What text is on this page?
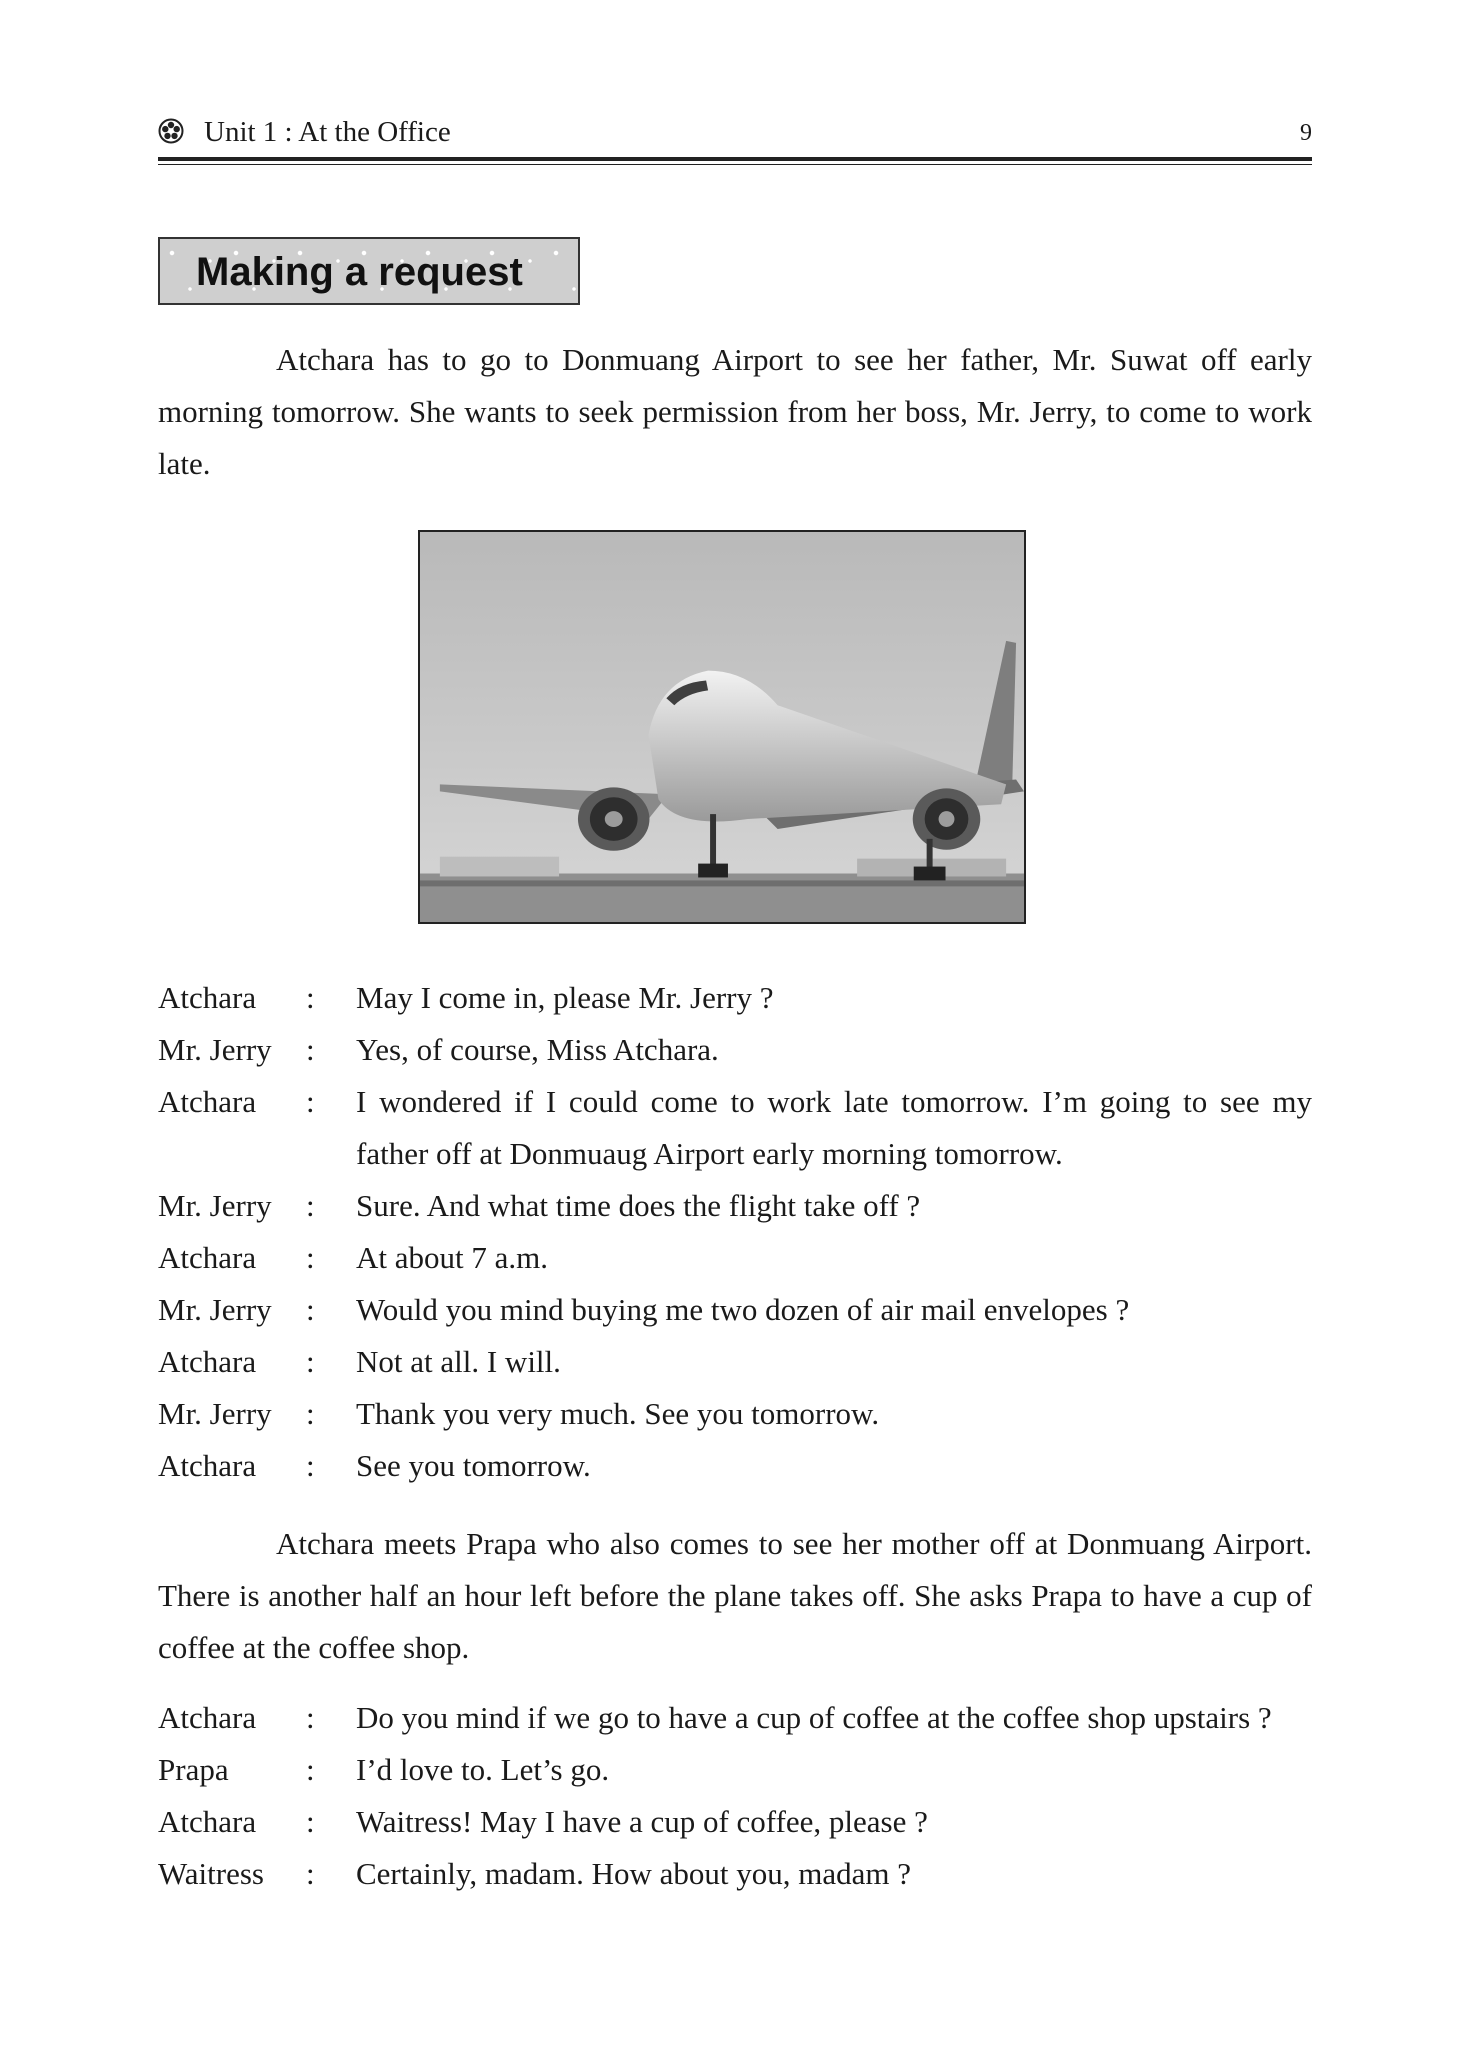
Unit 1 : At the Office	9
Making a request

Atchara has to go to Donmuang Airport to see her father, Mr. Suwat off early morning tomorrow. She wants to seek permission from her boss, Mr. Jerry, to come to work late.

Atchara	:	May I come in, please Mr. Jerry ?
Mr. Jerry	:	Yes, of course, Miss Atchara.
Atchara	:	I wondered if I could come to work late tomorrow. I’m going to see my father off at Donmuaug Airport early morning tomorrow.
Mr. Jerry	:	Sure. And what time does the flight take off ?
Atchara	:	At about 7 a.m.
Mr. Jerry	:	Would you mind buying me two dozen of air mail envelopes ?
Atchara	:	Not at all. I will.
Mr. Jerry	:	Thank you very much. See you tomorrow.
Atchara	:	See you tomorrow.

Atchara meets Prapa who also comes to see her mother off at Donmuang Airport. There is another half an hour left before the plane takes off. She asks Prapa to have a cup of coffee at the coffee shop.

Atchara	:	Do you mind if we go to have a cup of coffee at the coffee shop upstairs ?
Prapa	:	I’d love to. Let’s go.
Atchara	:	Waitress! May I have a cup of coffee, please ?
Waitress	:	Certainly, madam. How about you, madam ?
